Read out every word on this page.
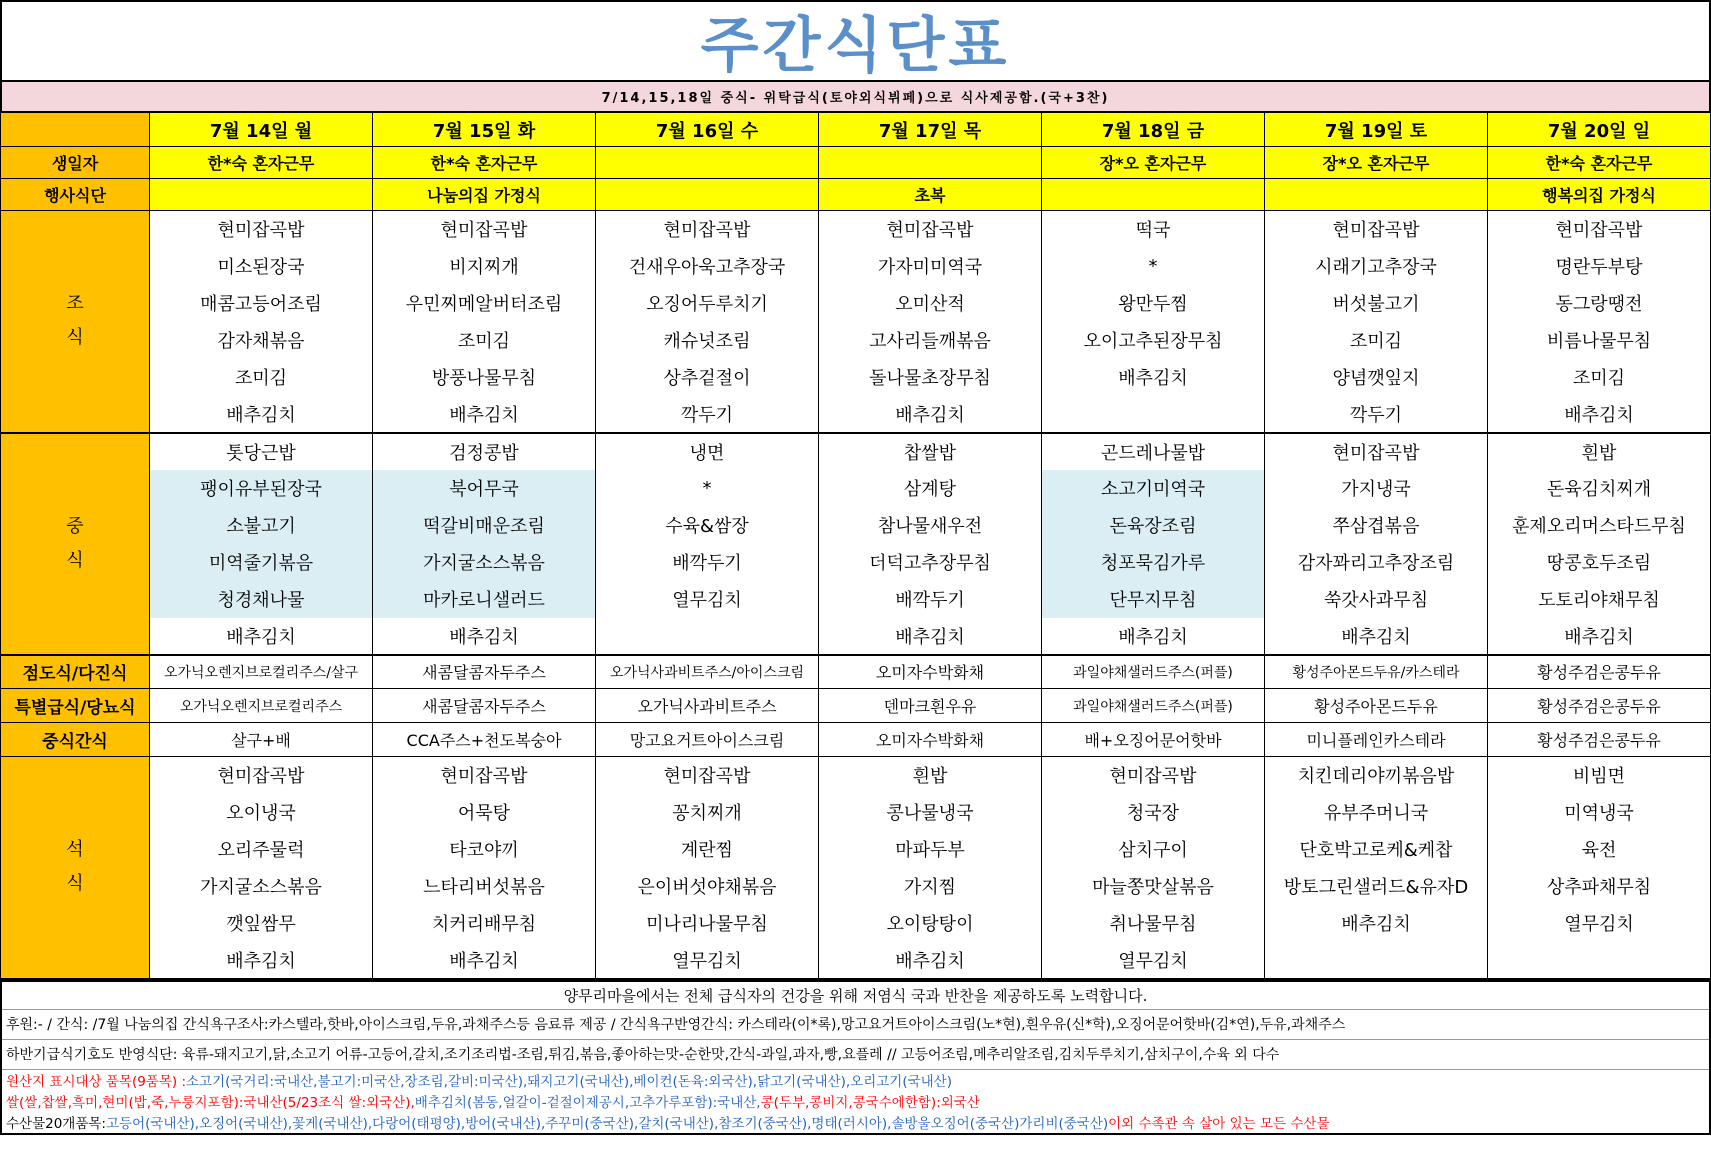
주간식단표
7/14,15,18일 중식- 위탁급식(토야외식뷔페)으로 식사제공함.(국+3찬)
	7월 14일 월	7월 15일 화	7월 16일 수	7월 17일 목	7월 18일 금	7월 19일 토	7월 20일 일
생일자	한*숙 혼자근무	한*숙 혼자근무			장*오 혼자근무	장*오 혼자근무	한*숙 혼자근무
행사식단		나눔의집 가정식		초복			행복의집 가정식
조
식	현미잡곡밥	현미잡곡밥	현미잡곡밥	현미잡곡밥	떡국	현미잡곡밥	현미잡곡밥
	미소된장국	비지찌개	건새우아욱고추장국	가자미미역국	*	시래기고추장국	명란두부탕
	매콤고등어조림	우민찌메알버터조림	오징어두루치기	오미산적	왕만두찜	버섯불고기	동그랑땡전
	감자채볶음	조미김	캐슈넛조림	고사리들깨볶음	오이고추된장무침	조미김	비름나물무침
	조미김	방풍나물무침	상추겉절이	돌나물초장무침	배추김치	양념깻잎지	조미김
	배추김치	배추김치	깍두기	배추김치		깍두기	배추김치
중
식	톳당근밥	검정콩밥	냉면	찹쌀밥	곤드레나물밥	현미잡곡밥	흰밥
	팽이유부된장국	북어무국	*	삼계탕	소고기미역국	가지냉국	돈육김치찌개
	소불고기	떡갈비매운조림	수육&쌈장	참나물새우전	돈육장조림	쭈삼겹볶음	훈제오리머스타드무침
	미역줄기볶음	가지굴소스볶음	배깍두기	더덕고추장무침	청포묵김가루	감자꽈리고추장조림	땅콩호두조림
	청경채나물	마카로니샐러드	열무김치	배깍두기	단무지무침	쑥갓사과무침	도토리야채무침
	배추김치	배추김치		배추김치	배추김치	배추김치	배추김치
점도식/다진식	오가닉오렌지브로컬리주스/살구	새콤달콤자두주스	오가닉사과비트주스/아이스크림	오미자수박화채	과일야채샐러드주스(퍼플)	황성주아몬드두유/카스테라	황성주검은콩두유
특별급식/당뇨식	오가닉오렌지브로컬리주스	새콤달콤자두주스	오가닉사과비트주스	덴마크흰우유	과일야채샐러드주스(퍼플)	황성주아몬드두유	황성주검은콩두유
중식간식	살구+배	CCA주스+천도복숭아	망고요거트아이스크림	오미자수박화채	배+오징어문어핫바	미니플레인카스테라	황성주검은콩두유
석
식	현미잡곡밥	현미잡곡밥	현미잡곡밥	흰밥	현미잡곡밥	치킨데리야끼볶음밥	비빔면
	오이냉국	어묵탕	꽁치찌개	콩나물냉국	청국장	유부주머니국	미역냉국
	오리주물럭	타코야끼	계란찜	마파두부	삼치구이	단호박고로케&케찹	육전
	가지굴소스볶음	느타리버섯볶음	은이버섯야채볶음	가지찜	마늘쫑맛살볶음	방토그린샐러드&유자D	상추파채무침
	깻잎쌈무	치커리배무침	미나리나물무침	오이탕탕이	취나물무침	배추김치	열무김치
	배추김치	배추김치	열무김치	배추김치	열무김치		
양무리마을에서는 전체 급식자의 건강을 위해 저염식 국과 반찬을 제공하도록 노력합니다.
후원:- / 간식: /7월 나눔의집 간식욕구조사:카스텔라,핫바,아이스크림,두유,과채주스등 음료류 제공 / 간식욕구반영간식: 카스테라(이*록),망고요거트아이스크림(노*현),흰우유(신*학),오징어문어핫바(김*연),두유,과채주스
하반기급식기호도 반영식단: 육류-돼지고기,닭,소고기 어류-고등어,갈치,조기조리법-조림,튀김,볶음,좋아하는맛-순한맛,간식-과일,과자,빵,요플레 // 고등어조림,메추리알조림,김치두루치기,삼치구이,수육 외 다수
원산지 표시대상 품목(9품목) : 소고기(국거리:국내산,불고기:미국산,장조림,갈비:미국산),돼지고기(국내산),베이컨(돈육:외국산),닭고기(국내산),오리고기(국내산)
쌀(쌀,찹쌀,흑미,현미(밥,죽,누룽지포함):국내산(5/23조식 쌀:외국산), 배추김치(봄동,얼갈이-겉절이제공시,고추가루포함):국내산, 콩(두부,콩비지,콩국수에한함):외국산
수산물20개품목: 고등어(국내산),오징어(국내산),꽃게(국내산),다랑어(태평양),방어(국내산),주꾸미(중국산),갈치(국내산),참조기(중국산),명태(러시아),솔방울오징어(중국산)가리비(중국산) 이외 수족관 속 살아 있는 모든 수산물
